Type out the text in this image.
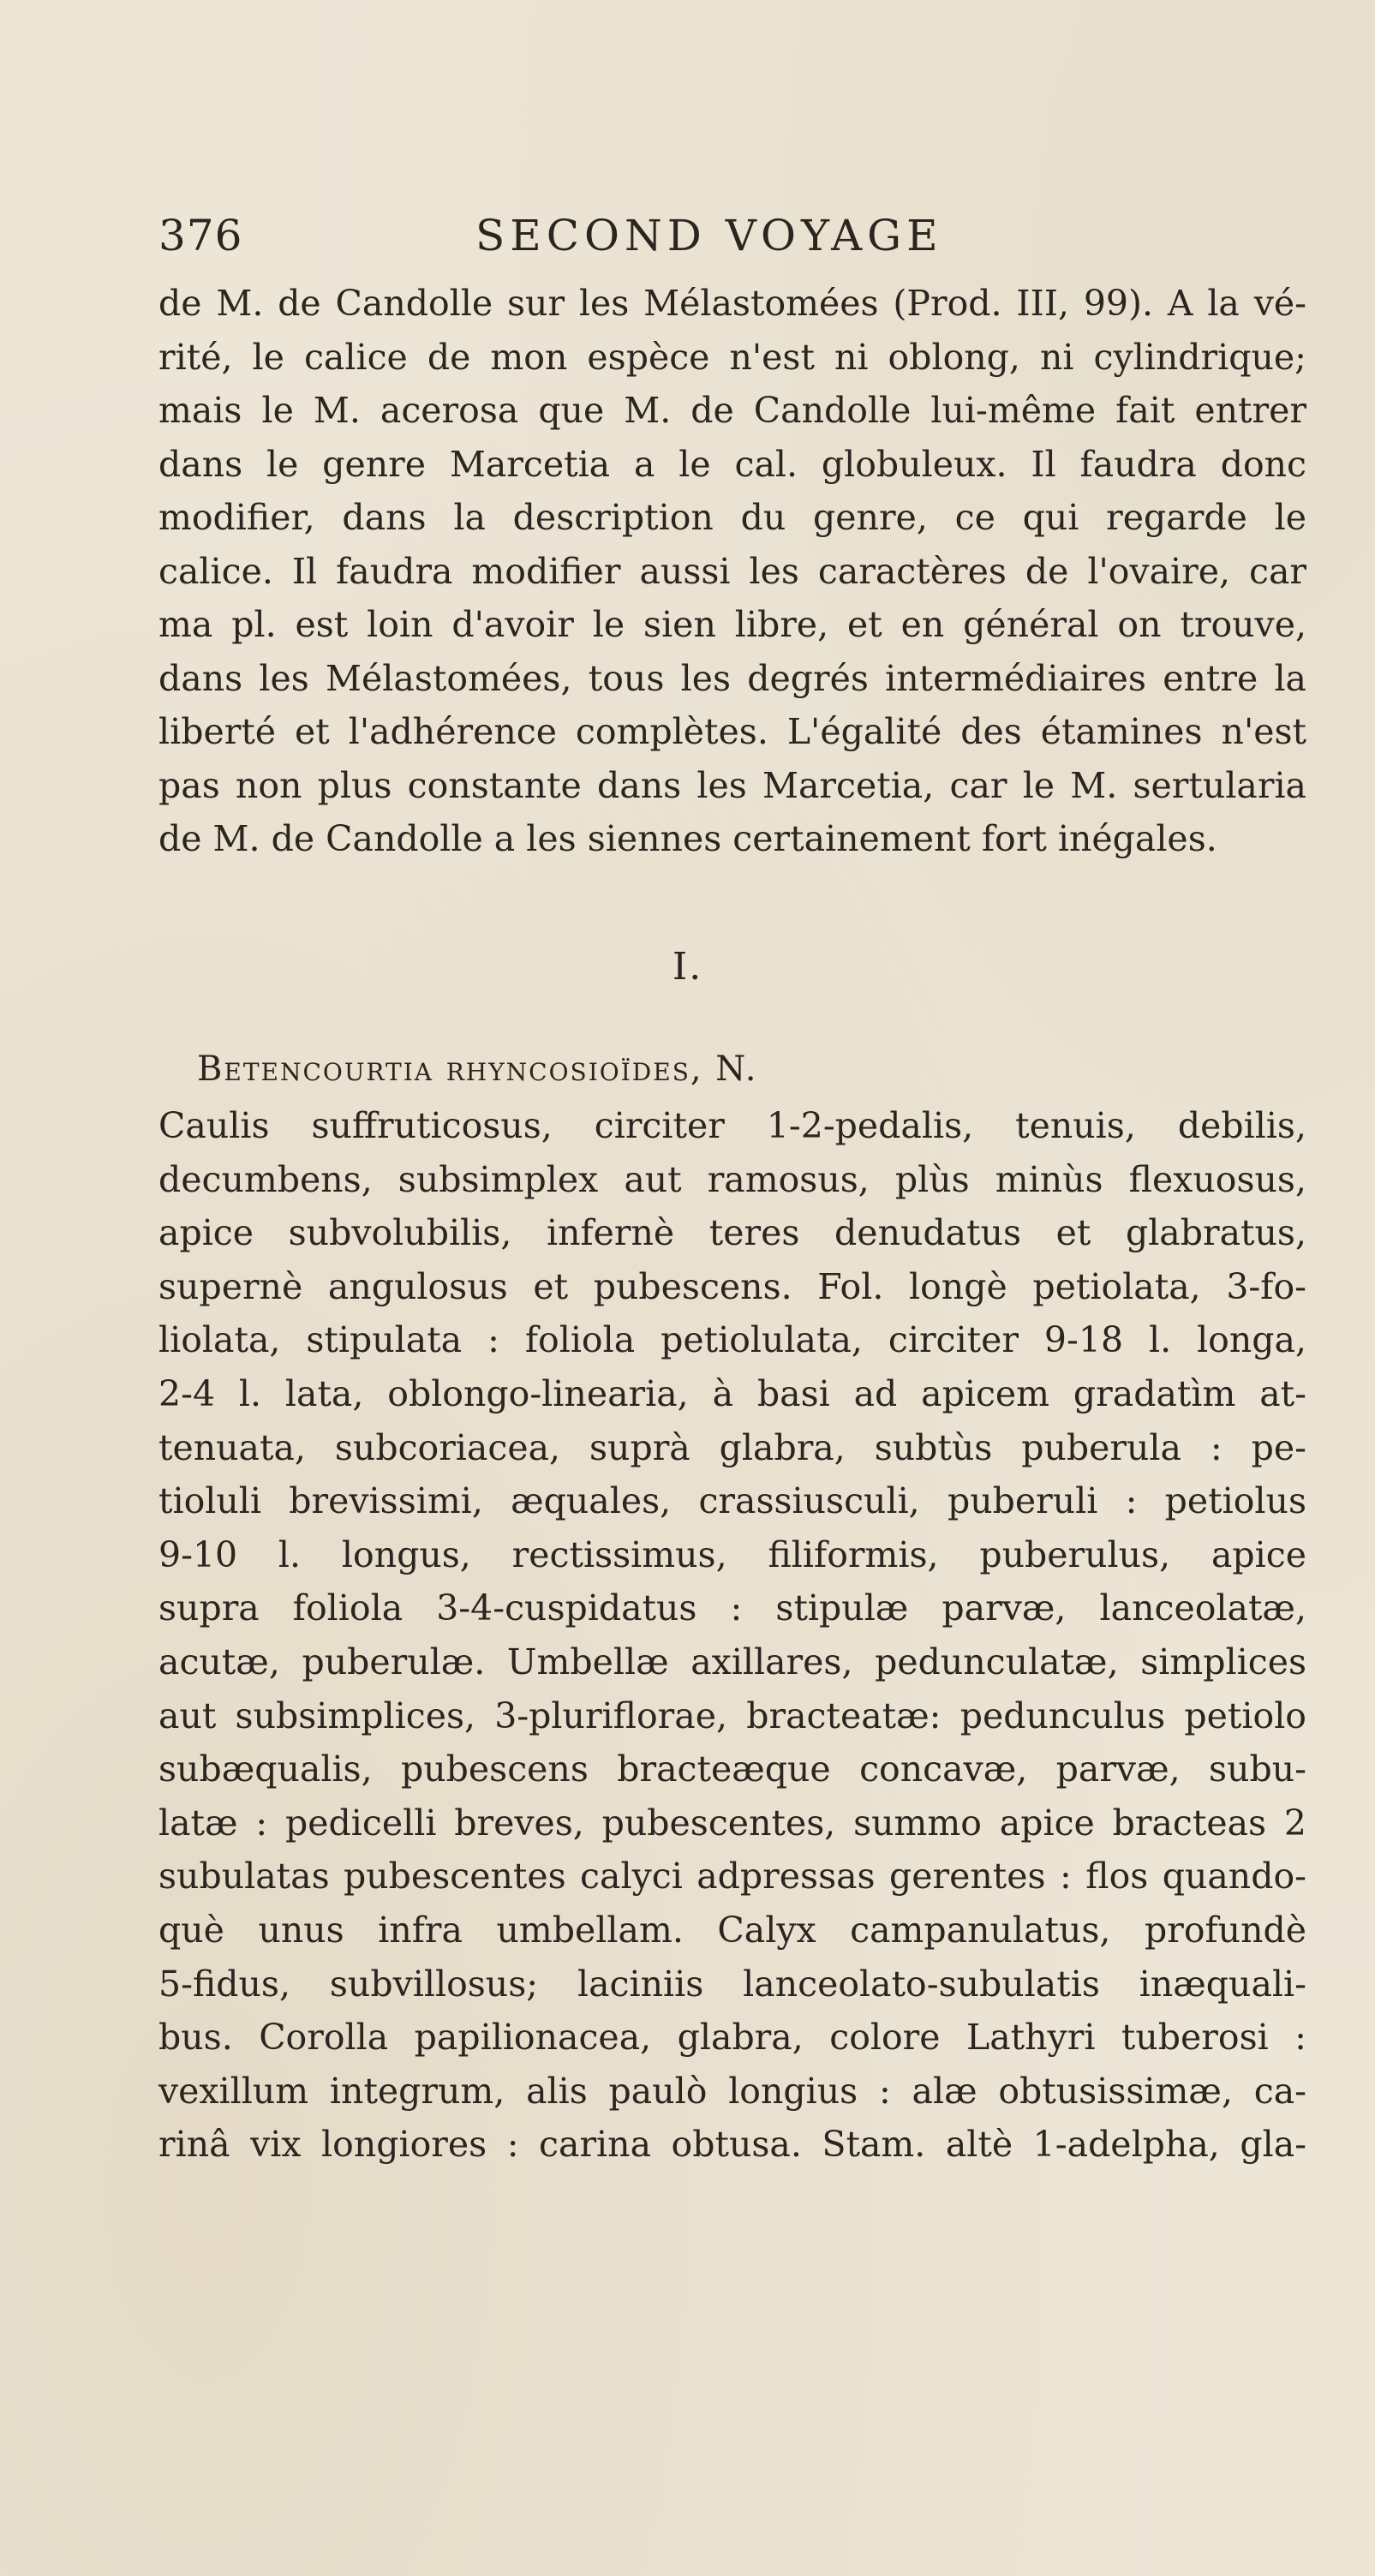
376	SECOND VOYAGE
de M. de Candolle sur les Mélastomées (Prod. III, 99). A la vé-
rité, le calice de mon espèce n'est ni oblong, ni cylindrique;
mais le M. acerosa que M. de Candolle lui-même fait entrer
dans le genre Marcetia a le cal. globuleux. Il faudra donc
modifier, dans la description du genre, ce qui regarde le
calice. Il faudra modifier aussi les caractères de l'ovaire, car
ma pl. est loin d'avoir le sien libre, et en général on trouve,
dans les Mélastomées, tous les degrés intermédiaires entre la
liberté et l'adhérence complètes. L'égalité des étamines n'est
pas non plus constante dans les Marcetia, car le M. sertularia
de M. de Candolle a les siennes certainement fort inégales.
I.
Betencourtia rhyncosioïdes, N.
Caulis suffruticosus, circiter 1-2-pedalis, tenuis, debilis,
decumbens, subsimplex aut ramosus, plùs minùs flexuosus,
apice subvolubilis, infernè teres denudatus et glabratus,
supernè angulosus et pubescens. Fol. longè petiolata, 3-fo-
liolata, stipulata : foliola petiolulata, circiter 9-18 l. longa,
2-4 l. lata, oblongo-linearia, à basi ad apicem gradatìm at-
tenuata, subcoriacea, suprà glabra, subtùs puberula : pe-
tioluli brevissimi, æquales, crassiusculi, puberuli : petiolus
9-10 l. longus, rectissimus, filiformis, puberulus, apice
supra foliola 3-4-cuspidatus : stipulæ parvæ, lanceolatæ,
acutæ, puberulæ. Umbellæ axillares, pedunculatæ, simplices
aut subsimplices, 3-pluriflorae, bracteatæ: pedunculus petiolo
subæqualis, pubescens bracteæque concavæ, parvæ, subu-
latæ : pedicelli breves, pubescentes, summo apice bracteas 2
subulatas pubescentes calyci adpressas gerentes : flos quando-
què unus infra umbellam. Calyx campanulatus, profundè
5-fidus, subvillosus; laciniis lanceolato-subulatis inæquali-
bus. Corolla papilionacea, glabra, colore Lathyri tuberosi :
vexillum integrum, alis paulò longius : alæ obtusissimæ, ca-
rinâ vix longiores : carina obtusa. Stam. altè 1-adelpha, gla-
